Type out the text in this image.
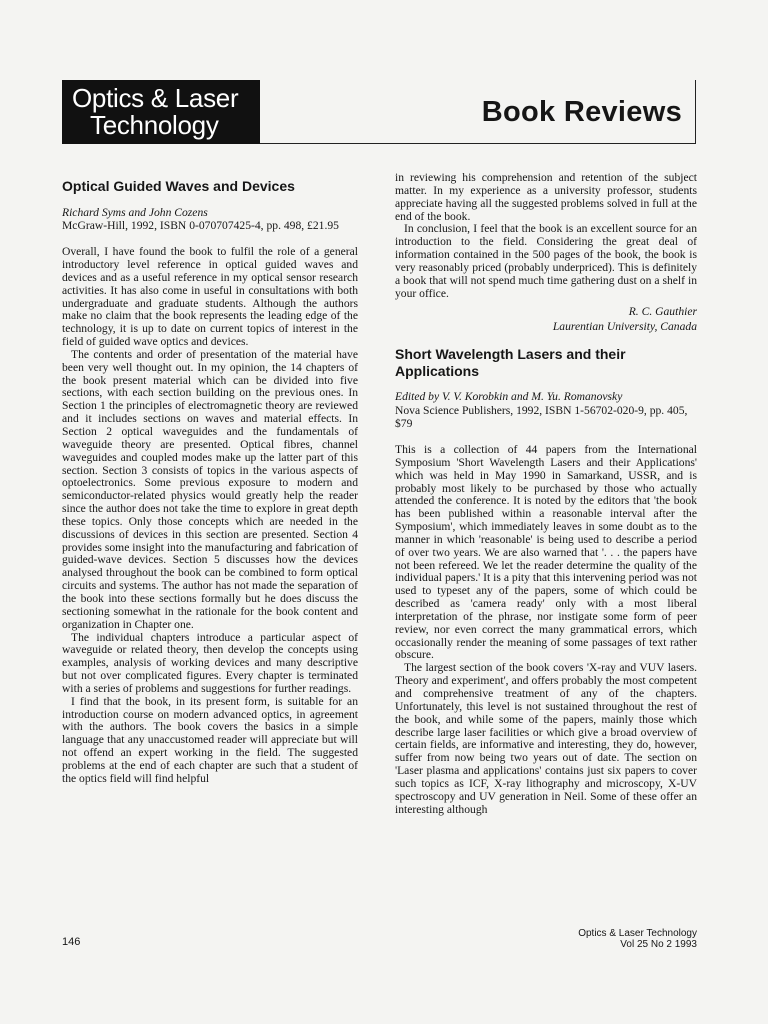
Optics & Laser
Technology	Book Reviews
Optical Guided Waves and Devices
Richard Syms and John Cozens
McGraw-Hill, 1992, ISBN 0-070707425-4, pp. 498, £21.95

Overall, I have found the book to fulfil the role of a general introductory level reference in optical guided waves and devices and as a useful reference in my optical sensor research activities. It has also come in useful in consultations with both undergraduate and graduate students. Although the authors make no claim that the book represents the leading edge of the technology, it is up to date on current topics of interest in the field of guided wave optics and devices.

The contents and order of presentation of the material have been very well thought out. In my opinion, the 14 chapters of the book present material which can be divided into five sections, with each section building on the previous ones. In Section 1 the principles of electromagnetic theory are reviewed and it includes sections on waves and material effects. In Section 2 optical waveguides and the fundamentals of waveguide theory are presented. Optical fibres, channel waveguides and coupled modes make up the latter part of this section. Section 3 consists of topics in the various aspects of optoelectronics. Some previous exposure to modern and semiconductor-related physics would greatly help the reader since the author does not take the time to explore in great depth these topics. Only those concepts which are needed in the discussions of devices in this section are presented. Section 4 provides some insight into the manufacturing and fabrication of guided-wave devices. Section 5 discusses how the devices analysed throughout the book can be combined to form optical circuits and systems. The author has not made the separation of the book into these sections formally but he does discuss the sectioning somewhat in the rationale for the book content and organization in Chapter one.

The individual chapters introduce a particular aspect of waveguide or related theory, then develop the concepts using examples, analysis of working devices and many descriptive but not over complicated figures. Every chapter is terminated with a series of problems and suggestions for further readings.

I find that the book, in its present form, is suitable for an introduction course on modern advanced optics, in agreement with the authors. The book covers the basics in a simple language that any unaccustomed reader will appreciate but will not offend an expert working in the field. The suggested problems at the end of each chapter are such that a student of the optics field will find helpful

in reviewing his comprehension and retention of the subject matter. In my experience as a university professor, students appreciate having all the suggested problems solved in full at the end of the book.

In conclusion, I feel that the book is an excellent source for an introduction to the field. Considering the great deal of information contained in the 500 pages of the book, the book is very reasonably priced (probably underpriced). This is definitely a book that will not spend much time gathering dust on a shelf in your office.

R. C. Gauthier
Laurentian University, Canada
Short Wavelength Lasers and their Applications
Edited by V. V. Korobkin and M. Yu. Romanovsky
Nova Science Publishers, 1992, ISBN 1-56702-020-9, pp. 405, $79

This is a collection of 44 papers from the International Symposium 'Short Wavelength Lasers and their Applications' which was held in May 1990 in Samarkand, USSR, and is probably most likely to be purchased by those who actually attended the conference. It is noted by the editors that 'the book has been published within a reasonable interval after the Symposium', which immediately leaves in some doubt as to the manner in which 'reasonable' is being used to describe a period of over two years. We are also warned that '. . . the papers have not been refereed. We let the reader determine the quality of the individual papers.' It is a pity that this intervening period was not used to typeset any of the papers, some of which could be described as 'camera ready' only with a most liberal interpretation of the phrase, nor instigate some form of peer review, nor even correct the many grammatical errors, which occasionally render the meaning of some passages of text rather obscure.

The largest section of the book covers 'X-ray and VUV lasers. Theory and experiment', and offers probably the most competent and comprehensive treatment of any of the chapters. Unfortunately, this level is not sustained throughout the rest of the book, and while some of the papers, mainly those which describe large laser facilities or which give a broad overview of certain fields, are informative and interesting, they do, however, suffer from now being two years out of date. The section on 'Laser plasma and applications' contains just six papers to cover such topics as ICF, X-ray lithography and microscopy, X-UV spectroscopy and UV generation in Neil. Some of these offer an interesting although

146
Optics & Laser Technology
Vol 25 No 2 1993
